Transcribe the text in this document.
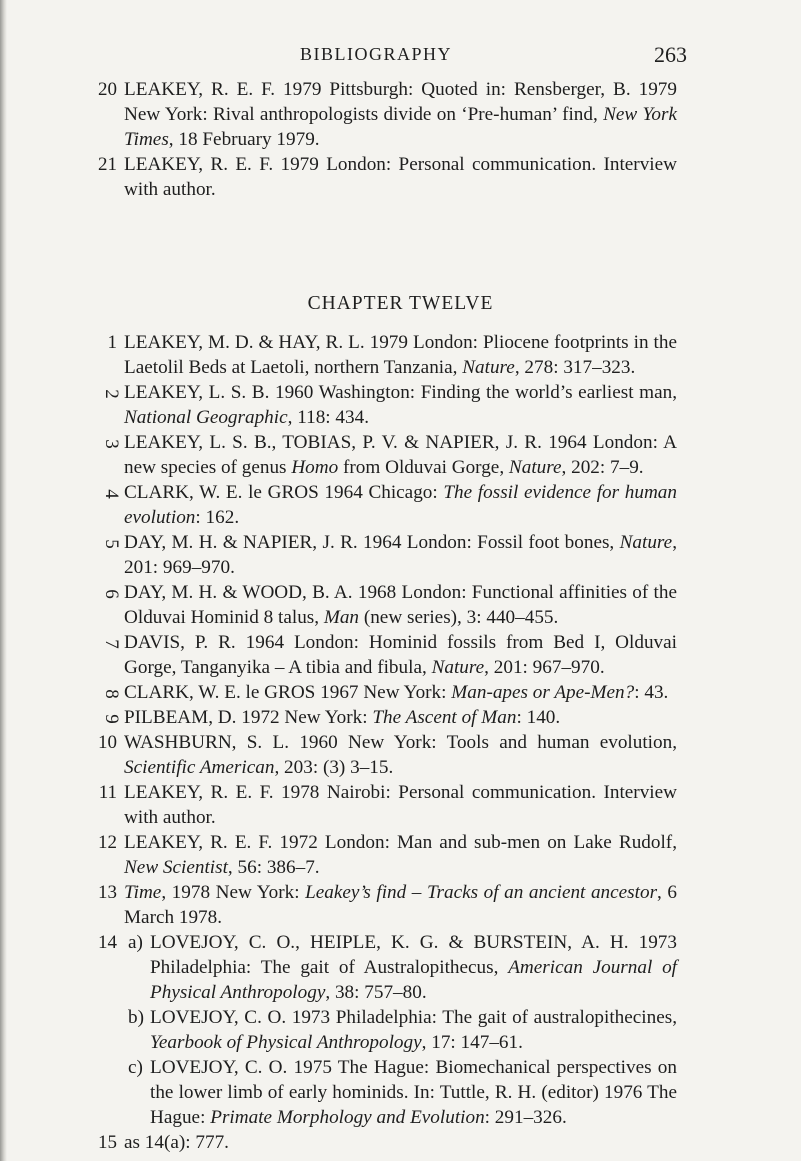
BIBLIOGRAPHY	263
20 LEAKEY, R. E. F. 1979 Pittsburgh: Quoted in: Rensberger, B. 1979 New York: Rival anthropologists divide on ‘Pre-human’ find, New York Times, 18 February 1979.
21 LEAKEY, R. E. F. 1979 London: Personal communication. Interview with author.
CHAPTER TWELVE
1 LEAKEY, M. D. & HAY, R. L. 1979 London: Pliocene footprints in the Laetolil Beds at Laetoli, northern Tanzania, Nature, 278: 317–323.
2 LEAKEY, L. S. B. 1960 Washington: Finding the world’s earliest man, National Geographic, 118: 434.
3 LEAKEY, L. S. B., TOBIAS, P. V. & NAPIER, J. R. 1964 London: A new species of genus Homo from Olduvai Gorge, Nature, 202: 7–9.
4 CLARK, W. E. le GROS 1964 Chicago: The fossil evidence for human evolution: 162.
5 DAY, M. H. & NAPIER, J. R. 1964 London: Fossil foot bones, Nature, 201: 969–970.
6 DAY, M. H. & WOOD, B. A. 1968 London: Functional affinities of the Olduvai Hominid 8 talus, Man (new series), 3: 440–455.
7 DAVIS, P. R. 1964 London: Hominid fossils from Bed I, Olduvai Gorge, Tanganyika – A tibia and fibula, Nature, 201: 967–970.
8 CLARK, W. E. le GROS 1967 New York: Man-apes or Ape-Men?: 43.
9 PILBEAM, D. 1972 New York: The Ascent of Man: 140.
10 WASHBURN, S. L. 1960 New York: Tools and human evolution, Scientific American, 203: (3) 3–15.
11 LEAKEY, R. E. F. 1978 Nairobi: Personal communication. Interview with author.
12 LEAKEY, R. E. F. 1972 London: Man and sub-men on Lake Rudolf, New Scientist, 56: 386–7.
13 Time, 1978 New York: Leakey’s find – Tracks of an ancient ancestor, 6 March 1978.
14 a) LOVEJOY, C. O., HEIPLE, K. G. & BURSTEIN, A. H. 1973 Philadelphia: The gait of Australopithecus, American Journal of Physical Anthropology, 38: 757–80.
b) LOVEJOY, C. O. 1973 Philadelphia: The gait of australopithecines, Yearbook of Physical Anthropology, 17: 147–61.
c) LOVEJOY, C. O. 1975 The Hague: Biomechanical perspectives on the lower limb of early hominids. In: Tuttle, R. H. (editor) 1976 The Hague: Primate Morphology and Evolution: 291–326.
15 as 14(a): 777.
